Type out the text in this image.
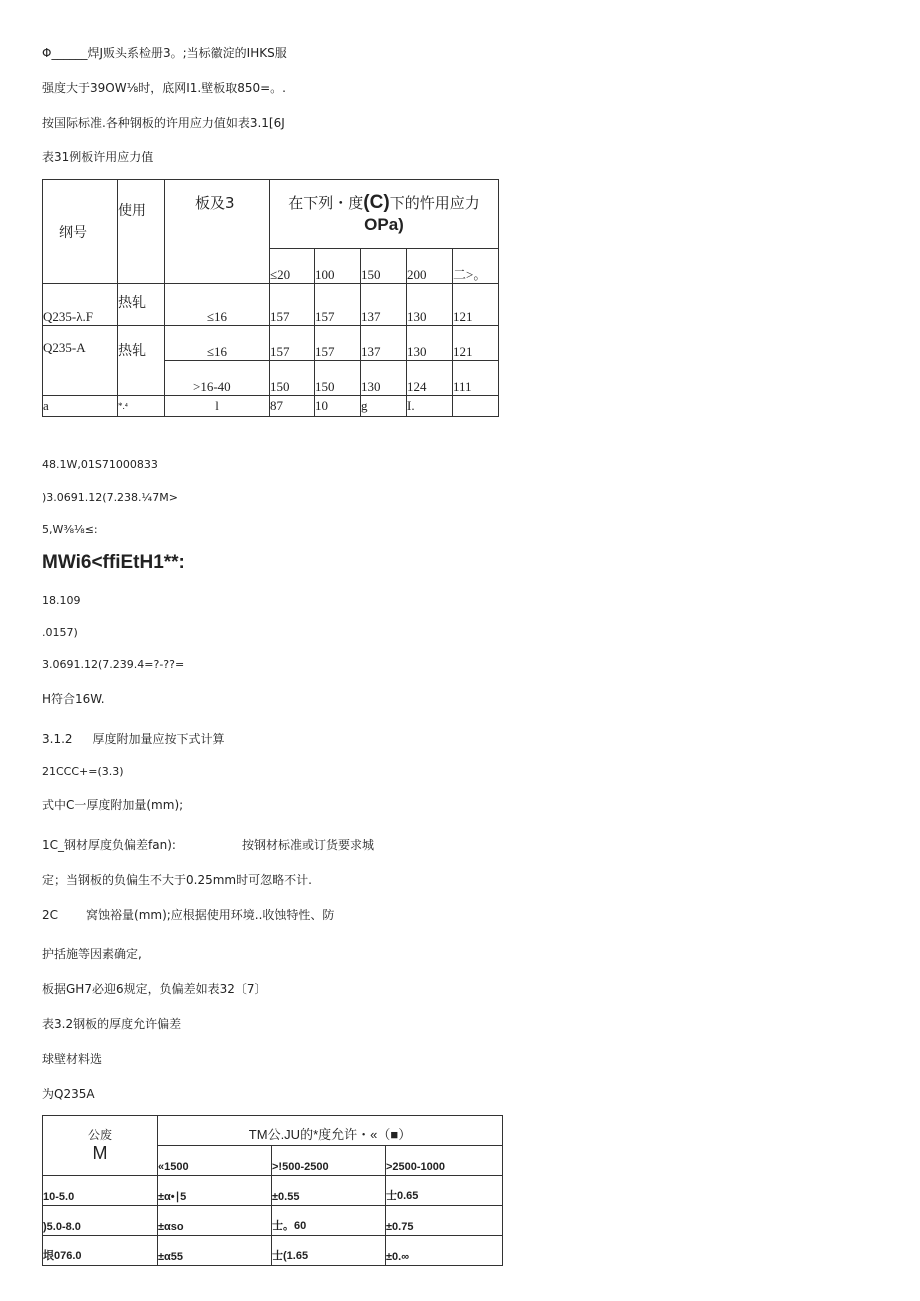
Φ______焊J贩头系检册3。;当标徽淀的IHKS服
强度大于39OW⅛时，底网I1.壁板取850=。.
按国际标准.各种钢板的许用应力值如表3.1[6J
表31例板许用应力值
纲号	使用	板及3	在下列・度(C)下的忤用应力
OPa)				
			≤20	100	150	200	二>。
Q235-λ.F	热轧	≤16	157	157	137	130	121
Q235-A	热轧	≤16	157	157	137	130	121
		>16-40	150	150	130	124	111
a	*.⁴	l	87	10	g	I.	
48.1W,01S71000833
)3.0691.12(7.238.¼7M>
5,W⅜⅛≤:
MWi6<ffiEtH1**:
18.109
.0157)
3.0691.12(7.239.4=?-??=
H符合16W.
3.1.2 厚度附加量应按下式计算
21CCC+=(3.3)
式中C一厚度附加量(mm);
1C_钢材厚度负偏差fan):	按钢材标准或订货要求城
定；当钢板的负偏生不大于0.25mm时可忽略不计.
2C 窝蚀裕量(mm);应根据使用环境..收蚀特性、防
护括施等因素确定,
板据GH7必迎6规定，负偏差如表32〔7〕
表3.2钢板的厚度允许偏差
球壁材料选
为Q235A
公废
M	TM公.JU的*度允许・«（■）		
	«1500	>!500-2500	>2500-1000
10-5.0	±α•∣5	±0.55	士0.65
)5.0-8.0	±αso	士。60	±0.75
垠076.0	±α55	士(1.65	±0.∞
